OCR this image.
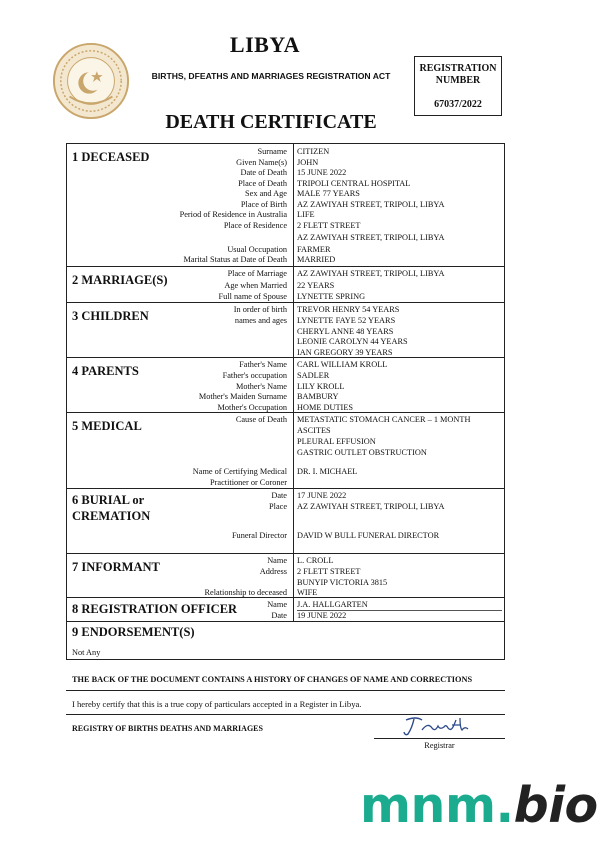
LIBYA
BIRTHS, DFEATHS AND MARRIAGES REGISTRATION ACT
REGISTRATION
NUMBER
67037/2022
DEATH CERTIFICATE
1 DECEASED	Surname CITIZEN
Given Name(s) JOHN
Date of Death 15 JUNE 2022
Place of Death TRIPOLI CENTRAL HOSPITAL
Sex and Age MALE 77 YEARS
Place of Birth AZ ZAWIYAH STREET, TRIPOLI, LIBYA
Period of Residence in Australia LIFE
Place of Residence 2 FLETT STREET
AZ ZAWIYAH STREET, TRIPOLI, LIBYA
Usual Occupation FARMER
Marital Status at Date of Death MARRIED
2 MARRIAGE(S)	Place of Marriage AZ ZAWIYAH STREET, TRIPOLI, LIBYA
Age when Married 22 YEARS
Full name of Spouse LYNETTE SPRING
3 CHILDREN	In order of birth TREVOR HENRY 54 YEARS
names and ages LYNETTE FAYE 52 YEARS
CHERYL ANNE 48 YEARS
LEONIE CAROLYN 44 YEARS
IAN GREGORY 39 YEARS
4 PARENTS	Father's Name CARL WILLIAM KROLL
Father's occupation SADLER
Mother's Name LILY KROLL
Mother's Maiden Surname BAMBURY
Mother's Occupation HOME DUTIES
5 MEDICAL	Cause of Death METASTATIC STOMACH CANCER – 1 MONTH
ASCITES
PLEURAL EFFUSION
GASTRIC OUTLET OBSTRUCTION
Name of Certifying Medical DR. I. MICHAEL
Practitioner or Coroner
6 BURIAL or
CREMATION
Date 17 JUNE 2022
Place AZ ZAWIYAH STREET, TRIPOLI, LIBYA
Funeral Director DAVID W BULL FUNERAL DIRECTOR
7 INFORMANT	Name L. CROLL
Address 2 FLETT STREET
BUNYIP VICTORIA 3815
Relationship to deceased WIFE
8 REGISTRATION OFFICER	Name J.A. HALLGARTEN
Date 19 JUNE 2022
9 ENDORSEMENT(S)
Not Any
THE BACK OF THE DOCUMENT CONTAINS A HISTORY OF CHANGES OF NAME AND CORRECTIONS
I hereby certify that this is a true copy of particulars accepted in a Register in Libya.
REGISTRY OF BIRTHS DEATHS AND MARRIAGES
Registrar
mnm.bio
